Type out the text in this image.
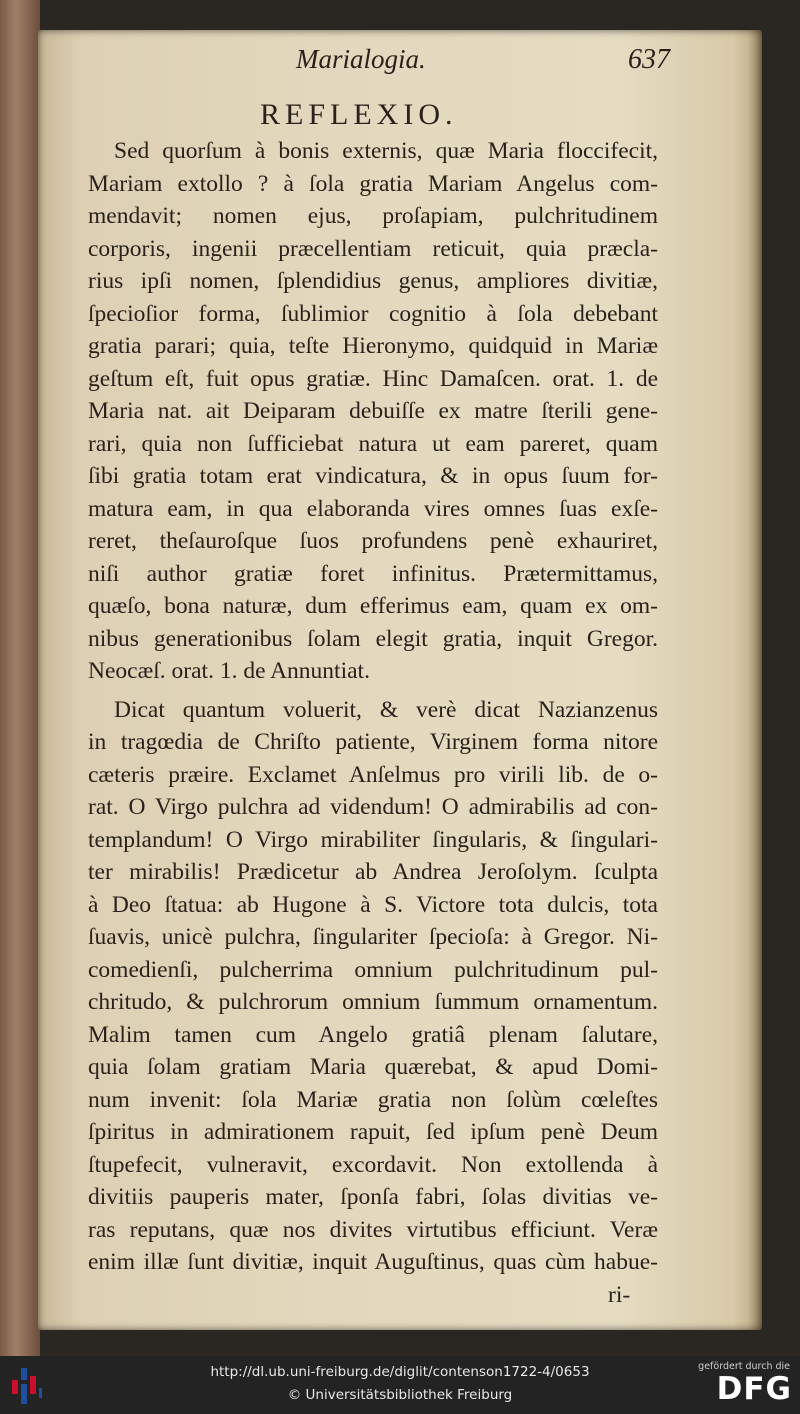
Marialogia.	637
REFLEXIO.
Sed quorſum à bonis externis, quæ Maria floccifecit,
Mariam extollo ? à ſola gratia Mariam Angelus com-
mendavit; nomen ejus, proſapiam, pulchritudinem
corporis, ingenii præcellentiam reticuit, quia præcla-
rius ipſi nomen, ſplendidius genus, ampliores divitiæ,
ſpecioſior forma, ſublimior cognitio à ſola debebant
gratia parari; quia, teſte Hieronymo, quidquid in Mariæ
geſtum eſt, fuit opus gratiæ. Hinc Damaſcen. orat. 1. de
Maria nat. ait Deiparam debuiſſe ex matre ſterili gene-
rari, quia non ſufficiebat natura ut eam pareret, quam
ſibi gratia totam erat vindicatura, & in opus ſuum for-
matura eam, in qua elaboranda vires omnes ſuas exſe-
reret, theſauroſque ſuos profundens penè exhauriret,
niſi author gratiæ foret infinitus. Prætermittamus,
quæſo, bona naturæ, dum efferimus eam, quam ex om-
nibus generationibus ſolam elegit gratia, inquit Gregor.
Neocæſ. orat. 1. de Annuntiat.
Dicat quantum voluerit, & verè dicat Nazianzenus
in tragœdia de Chriſto patiente, Virginem forma nitore
cæteris præire. Exclamet Anſelmus pro virili lib. de o-
rat. O Virgo pulchra ad videndum! O admirabilis ad con-
templandum! O Virgo mirabiliter ſingularis, & ſingulari-
ter mirabilis! Prædicetur ab Andrea Jeroſolym. ſculpta
à Deo ſtatua: ab Hugone à S. Victore tota dulcis, tota
ſuavis, unicè pulchra, ſingulariter ſpecioſa: à Gregor. Ni-
comedienſi, pulcherrima omnium pulchritudinum pul-
chritudo, & pulchrorum omnium ſummum ornamentum.
Malim tamen cum Angelo gratiâ plenam ſalutare,
quia ſolam gratiam Maria quærebat, & apud Domi-
num invenit: ſola Mariæ gratia non ſolùm cœleſtes
ſpiritus in admirationem rapuit, ſed ipſum penè Deum
ſtupefecit, vulneravit, excordavit. Non extollenda à
divitiis pauperis mater, ſponſa fabri, ſolas divitias ve-
ras reputans, quæ nos divites virtutibus efficiunt. Veræ
enim illæ ſunt divitiæ, inquit Auguſtinus, quas cùm habue-
ri-
http://dl.ub.uni-freiburg.de/diglit/contenson1722-4/0653
© Universitätsbibliothek Freiburg
gefördert durch die
DFG
